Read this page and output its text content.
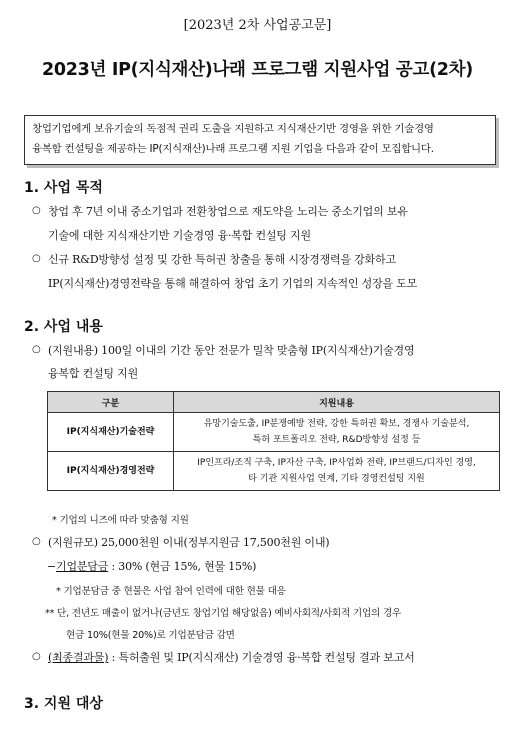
[2023년 2차 사업공고문]
2023년 IP(지식재산)나래 프로그램 지원사업 공고(2차)
창업기업에게 보유기술의 독점적 권리 도출을 지원하고 지식재산기반 경영을 위한 기술경영
융복합 컨설팅을 제공하는 IP(지식재산)나래 프로그램 지원 기업을 다음과 같이 모집합니다.
1. 사업 목적
○ 창업 후 7년 이내 중소기업과 전환창업으로 재도약을 노리는 중소기업의 보유
기술에 대한 지식재산기반 기술경영 융·복합 컨설팅 지원
○ 신규 R&D방향성 설정 및 강한 특허권 창출을 통해 시장경쟁력을 강화하고
IP(지식재산)경영전략을 통해 해결하여 창업 초기 기업의 지속적인 성장을 도모
2. 사업 내용
○ (지원내용) 100일 이내의 기간 동안 전문가 밀착 맞춤형 IP(지식재산)기술경영
융복합 컨설팅 지원
구분	지원내용
IP(지식재산)기술전략	유망기술도출, IP분쟁예방 전략, 강한 특허권 확보, 경쟁사 기술분석,
특허 포트폴리오 전략, R&D방향성 설정 등

IP(지식재산)경영전략	IP인프라/조직 구축, IP자산 구축, IP사업화 전략, IP브랜드/디자인 경영,
타 기관 지원사업 연계, 기타 경영컨설팅 지원
* 기업의 니즈에 따라 맞춤형 지원
○ (지원규모) 25,000천원 이내(정부지원금 17,500천원 이내)
−기업분담금 : 30% (현금 15%, 현물 15%)
* 기업분담금 중 현물은 사업 참여 인력에 대한 현물 대응
** 단, 전년도 매출이 없거나(금년도 창업기업 해당없음) 예비사회적/사회적 기업의 경우
현금 10%(현물 20%)로 기업분담금 감면
○ (최종결과물) : 특허출원 및 IP(지식재산) 기술경영 융·복합 컨설팅 결과 보고서
3. 지원 대상
